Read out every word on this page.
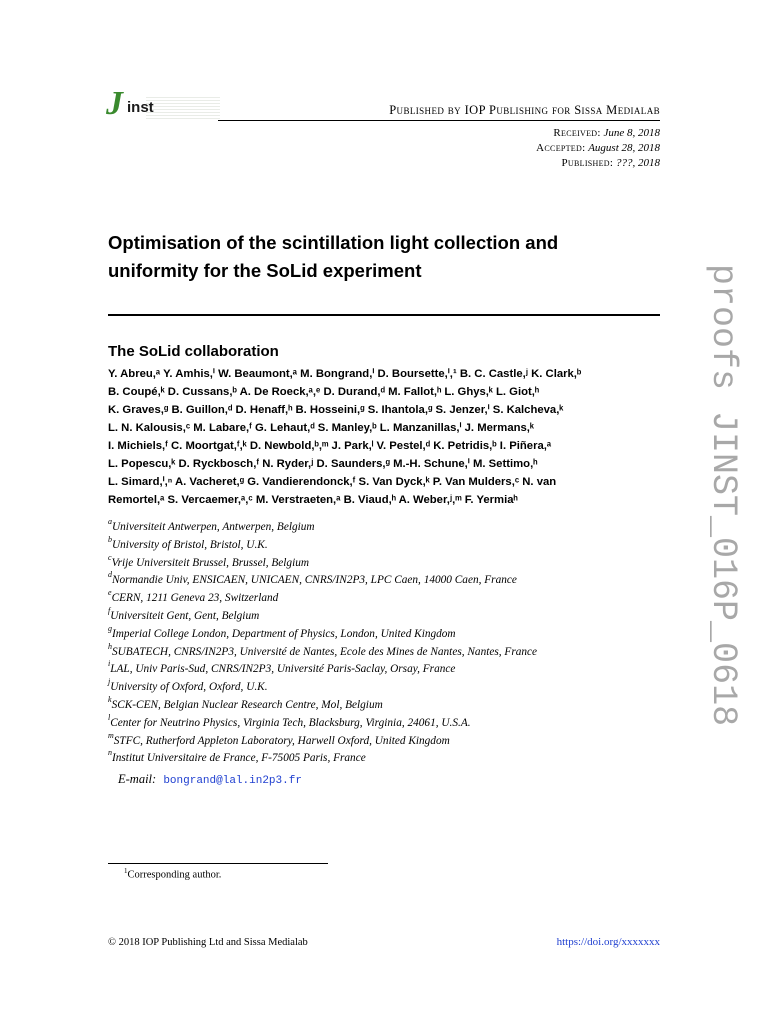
J inst	Published by IOP Publishing for Sissa Medialab
Received: June 8, 2018
Accepted: August 28, 2018
Published: ???, 2018
Optimisation of the scintillation light collection and uniformity for the SoLid experiment
The SoLid collaboration
Y. Abreu,ᵃ Y. Amhis,ⁱ W. Beaumont,ᵃ M. Bongrand,ⁱ D. Boursette,ⁱ,¹ B. C. Castle,ʲ K. Clark,ᵇ
B. Coupé,ᵏ D. Cussans,ᵇ A. De Roeck,ᵃ,ᵉ D. Durand,ᵈ M. Fallot,ʰ L. Ghys,ᵏ L. Giot,ʰ
K. Graves,ᵍ B. Guillon,ᵈ D. Henaff,ʰ B. Hosseini,ᵍ S. Ihantola,ᵍ S. Jenzer,ⁱ S. Kalcheva,ᵏ
L. N. Kalousis,ᶜ M. Labare,ᶠ G. Lehaut,ᵈ S. Manley,ᵇ L. Manzanillas,ⁱ J. Mermans,ᵏ
I. Michiels,ᶠ C. Moortgat,ᶠ,ᵏ D. Newbold,ᵇ,ᵐ J. Park,ˡ V. Pestel,ᵈ K. Petridis,ᵇ I. Piñera,ᵃ
L. Popescu,ᵏ D. Ryckbosch,ᶠ N. Ryder,ʲ D. Saunders,ᵍ M.-H. Schune,ⁱ M. Settimo,ʰ
L. Simard,ⁱ,ⁿ A. Vacheret,ᵍ G. Vandierendonck,ᶠ S. Van Dyck,ᵏ P. Van Mulders,ᶜ N. van
Remortel,ᵃ S. Vercaemer,ᵃ,ᶜ M. Verstraeten,ᵃ B. Viaud,ʰ A. Weber,ʲ,ᵐ F. Yermiaʰ
$^a$Universiteit Antwerpen, Antwerpen, Belgium
$^b$University of Bristol, Bristol, U.K.
$^c$Vrije Universiteit Brussel, Brussel, Belgium
$^d$Normandie Univ, ENSICAEN, UNICAEN, CNRS/IN2P3, LPC Caen, 14000 Caen, France
$^e$CERN, 1211 Geneva 23, Switzerland
$^f$Universiteit Gent, Gent, Belgium
$^g$Imperial College London, Department of Physics, London, United Kingdom
$^h$SUBATECH, CNRS/IN2P3, Université de Nantes, Ecole des Mines de Nantes, Nantes, France
$^i$LAL, Univ Paris-Sud, CNRS/IN2P3, Université Paris-Saclay, Orsay, France
$^j$University of Oxford, Oxford, U.K.
$^k$SCK-CEN, Belgian Nuclear Research Centre, Mol, Belgium
$^l$Center for Neutrino Physics, Virginia Tech, Blacksburg, Virginia, 24061, U.S.A.
$^m$STFC, Rutherford Appleton Laboratory, Harwell Oxford, United Kingdom
$^n$Institut Universitaire de France, F-75005 Paris, France
E-mail: bongrand@lal.in2p3.fr
$^1$Corresponding author.
© 2018 IOP Publishing Ltd and Sissa Medialab	https://doi.org/xxxxxxx
proofs JINST_016P_0618
